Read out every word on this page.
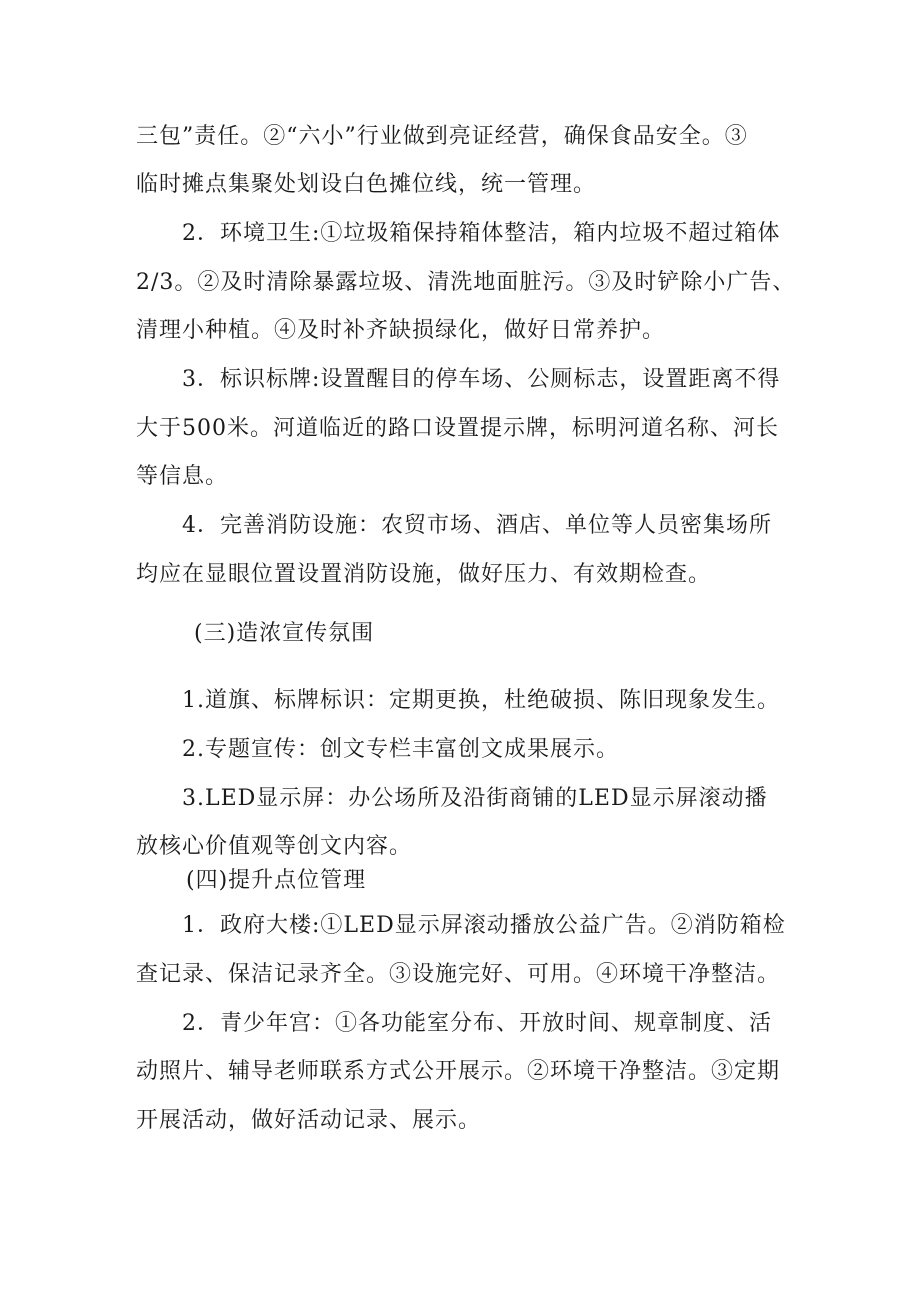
三包”责任。②“六小”行业做到亮证经营，确保食品安全。③
临时摊点集聚处划设白色摊位线，统一管理。
2．环境卫生:①垃圾箱保持箱体整洁，箱内垃圾不超过箱体
2/3。②及时清除暴露垃圾、清洗地面脏污。③及时铲除小广告、
清理小种植。④及时补齐缺损绿化，做好日常养护。
3．标识标牌:设置醒目的停车场、公厕标志，设置距离不得
大于500米。河道临近的路口设置提示牌，标明河道名称、河长
等信息。
4．完善消防设施：农贸市场、酒店、单位等人员密集场所
均应在显眼位置设置消防设施，做好压力、有效期检查。
(三)造浓宣传氛围
1.道旗、标牌标识：定期更换，杜绝破损、陈旧现象发生。
2.专题宣传：创文专栏丰富创文成果展示。
3.LED显示屏：办公场所及沿街商铺的LED显示屏滚动播
放核心价值观等创文内容。
(四)提升点位管理
1．政府大楼:①LED显示屏滚动播放公益广告。②消防箱检
查记录、保洁记录齐全。③设施完好、可用。④环境干净整洁。
2．青少年宫：①各功能室分布、开放时间、规章制度、活
动照片、辅导老师联系方式公开展示。②环境干净整洁。③定期
开展活动，做好活动记录、展示。
